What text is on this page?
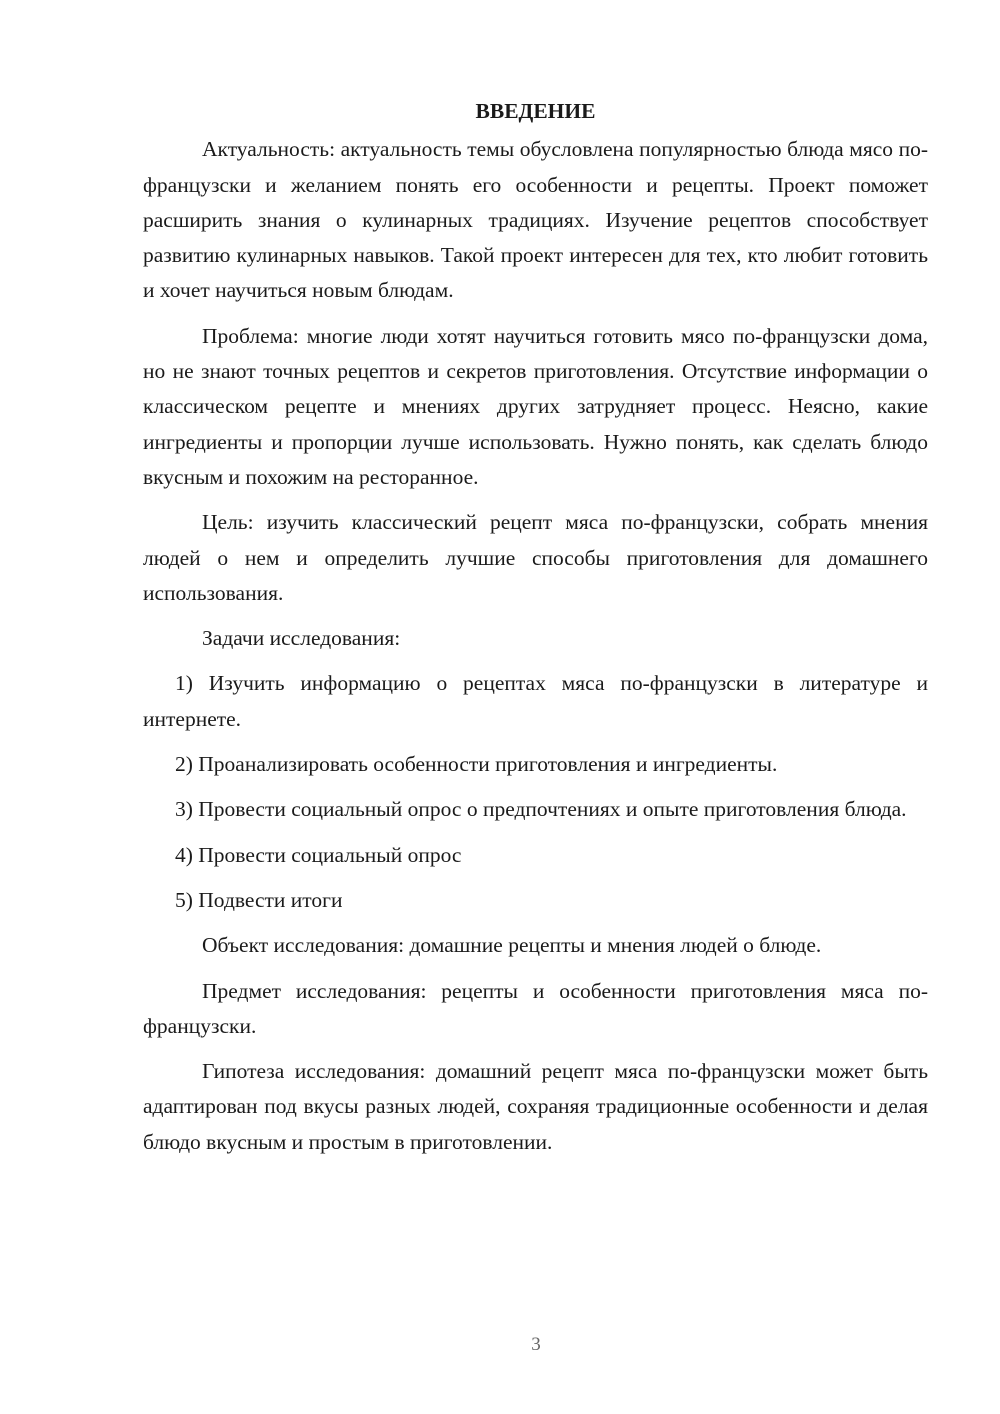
ВВЕДЕНИЕ

Актуальность: актуальность темы обусловлена популярностью блюда мясо по-французски и желанием понять его особенности и рецепты. Проект поможет расширить знания о кулинарных традициях. Изучение рецептов способствует развитию кулинарных навыков. Такой проект интересен для тех, кто любит готовить и хочет научиться новым блюдам.

Проблема: многие люди хотят научиться готовить мясо по-французски дома, но не знают точных рецептов и секретов приготовления. Отсутствие информации о классическом рецепте и мнениях других затрудняет процесс. Неясно, какие ингредиенты и пропорции лучше использовать. Нужно понять, как сделать блюдо вкусным и похожим на ресторанное.

Цель: изучить классический рецепт мяса по-французски, собрать мнения людей о нем и определить лучшие способы приготовления для домашнего использования.

Задачи исследования:

1) Изучить информацию о рецептах мяса по-французски в литературе и интернете.

2) Проанализировать особенности приготовления и ингредиенты.

3) Провести социальный опрос о предпочтениях и опыте приготовления блюда.

4) Провести социальный опрос

5) Подвести итоги

Объект исследования: домашние рецепты и мнения людей о блюде.

Предмет исследования: рецепты и особенности приготовления мяса по-французски.

Гипотеза исследования: домашний рецепт мяса по-французски может быть адаптирован под вкусы разных людей, сохраняя традиционные особенности и делая блюдо вкусным и простым в приготовлении.

3
